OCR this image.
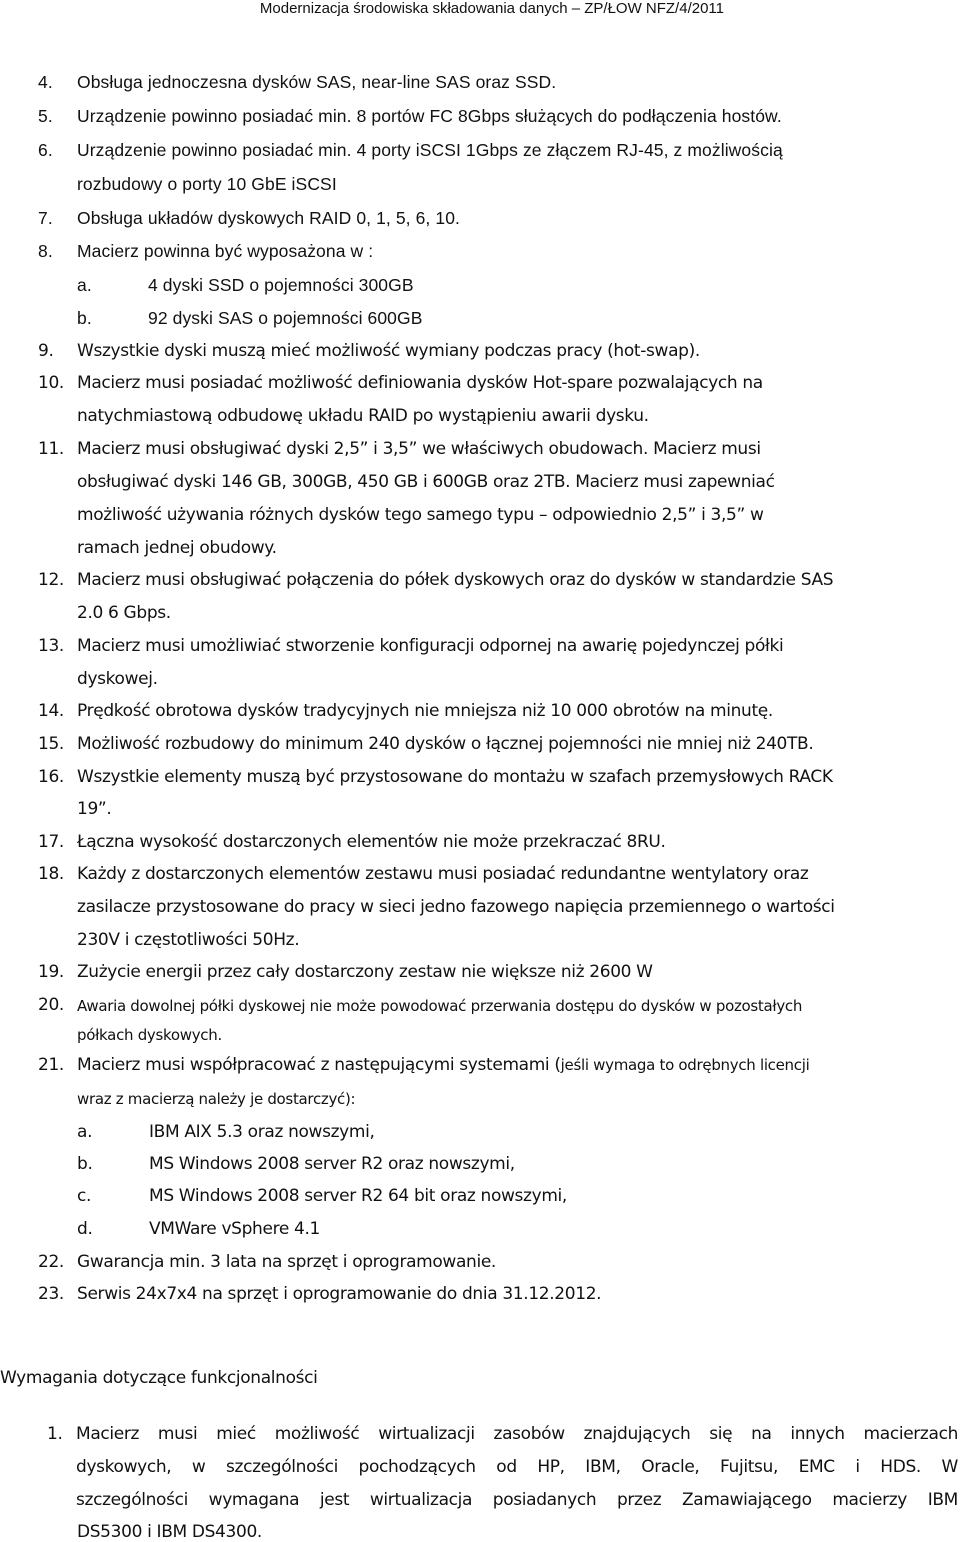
Modernizacja środowiska składowania danych – ZP/ŁOW NFZ/4/2011
4. Obsługa jednoczesna dysków SAS, near-line SAS oraz SSD.
5. Urządzenie powinno posiadać min. 8 portów FC 8Gbps służących do podłączenia hostów.
6. Urządzenie powinno posiadać min. 4 porty iSCSI 1Gbps ze złączem RJ-45, z możliwością
rozbudowy o porty 10 GbE iSCSI
7. Obsługa układów dyskowych RAID 0, 1, 5, 6, 10.
8. Macierz powinna być wyposażona w :
a.	4 dyski SSD o pojemności 300GB
b.	92 dyski SAS o pojemności 600GB
9. Wszystkie dyski muszą mieć możliwość wymiany podczas pracy (hot-swap).
10. Macierz musi posiadać możliwość definiowania dysków Hot-spare pozwalających na
natychmiastową odbudowę układu RAID po wystąpieniu awarii dysku.
11. Macierz musi obsługiwać dyski 2,5” i 3,5” we właściwych obudowach. Macierz musi
obsługiwać dyski 146 GB, 300GB, 450 GB i 600GB oraz 2TB. Macierz musi zapewniać
możliwość używania różnych dysków tego samego typu – odpowiednio 2,5” i 3,5” w
ramach jednej obudowy.
12. Macierz musi obsługiwać połączenia do półek dyskowych oraz do dysków w standardzie SAS
2.0 6 Gbps.
13. Macierz musi umożliwiać stworzenie konfiguracji odpornej na awarię pojedynczej półki
dyskowej.
14. Prędkość obrotowa dysków tradycyjnych nie mniejsza niż 10 000 obrotów na minutę.
15. Możliwość rozbudowy do minimum 240 dysków o łącznej pojemności nie mniej niż 240TB.
16. Wszystkie elementy muszą być przystosowane do montażu w szafach przemysłowych RACK
19”.
17. Łączna wysokość dostarczonych elementów nie może przekraczać 8RU.
18. Każdy z dostarczonych elementów zestawu musi posiadać redundantne wentylatory oraz
zasilacze przystosowane do pracy w sieci jedno fazowego napięcia przemiennego o wartości
230V i częstotliwości 50Hz.
19. Zużycie energii przez cały dostarczony zestaw nie większe niż 2600 W
20. Awaria dowolnej półki dyskowej nie może powodować przerwania dostępu do dysków w pozostałych
półkach dyskowych.
21. Macierz musi współpracować z następującymi systemami (jeśli wymaga to odrębnych licencji
wraz z macierzą należy je dostarczyć):
a.	IBM AIX 5.3 oraz nowszymi,
b.	MS Windows 2008 server R2 oraz nowszymi,
c.	MS Windows 2008 server R2 64 bit oraz nowszymi,
d.	VMWare vSphere 4.1
22. Gwarancja min. 3 lata na sprzęt i oprogramowanie.
23. Serwis 24x7x4 na sprzęt i oprogramowanie do dnia 31.12.2012.
Wymagania dotyczące funkcjonalności
1. Macierz musi mieć możliwość wirtualizacji zasobów znajdujących się na innych macierzach
dyskowych, w szczególności pochodzących od HP, IBM, Oracle, Fujitsu, EMC i HDS. W
szczególności wymagana jest wirtualizacja posiadanych przez Zamawiającego macierzy IBM
DS5300 i IBM DS4300.
